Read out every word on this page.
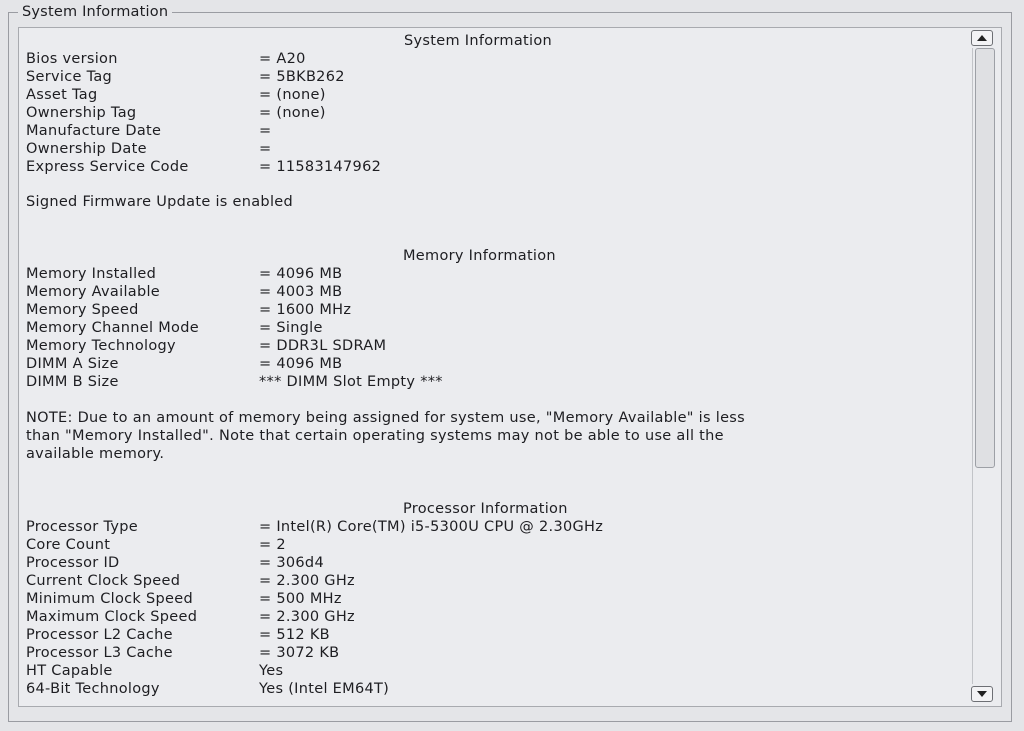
System Information
System Information
Bios version	= A20
Service Tag	= 5BKB262
Asset Tag	= (none)
Ownership Tag	= (none)
Manufacture Date	=
Ownership Date	=
Express Service Code	= 11583147962
Signed Firmware Update is enabled
Memory Information
Memory Installed	= 4096 MB
Memory Available	= 4003 MB
Memory Speed	= 1600 MHz
Memory Channel Mode	= Single
Memory Technology	= DDR3L SDRAM
DIMM A Size	= 4096 MB
DIMM B Size	*** DIMM Slot Empty ***
NOTE: Due to an amount of memory being assigned for system use, "Memory Available" is less
than "Memory Installed". Note that certain operating systems may not be able to use all the
available memory.
Processor Information
Processor Type	= Intel(R) Core(TM) i5-5300U CPU @ 2.30GHz
Core Count	= 2
Processor ID	= 306d4
Current Clock Speed	= 2.300 GHz
Minimum Clock Speed	= 500 MHz
Maximum Clock Speed	= 2.300 GHz
Processor L2 Cache	= 512 KB
Processor L3 Cache	= 3072 KB
HT Capable	Yes
64-Bit Technology	Yes (Intel EM64T)
